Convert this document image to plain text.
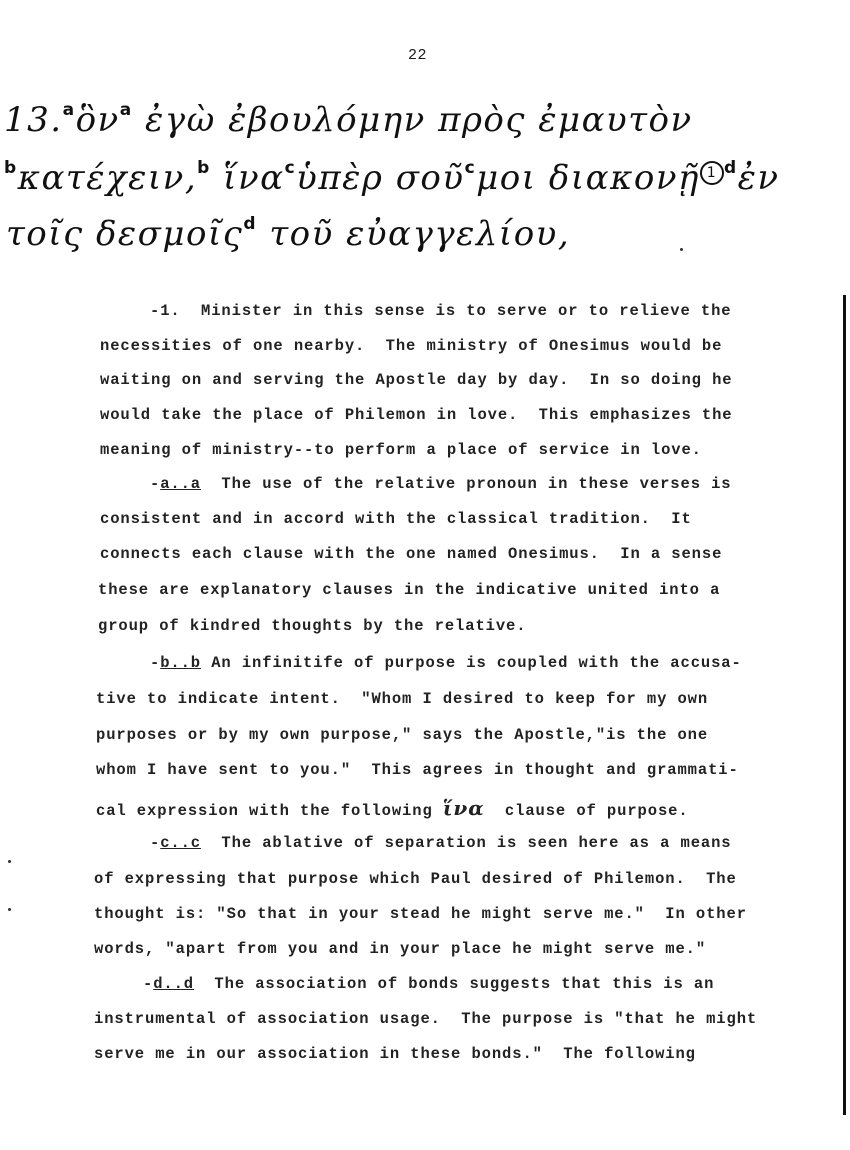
22
13.$^a$ὃν$^a$ ἐγὼ ἐβουλόμην πρὸς ἐμαυτὸν
$^b$κατέχειν,$^b$ ἵνα$^c$ὑπὲρ σοῦ$^c$μοι διακονῇ 1 $^d$ἐν
τοῖς δεσμοῖς$^d$ τοῦ εὐαγγελίου,
-1.  Minister in this sense is to serve or to relieve the
necessities of one nearby.  The ministry of Onesimus would be
waiting on and serving the Apostle day by day.  In so doing he
would take the place of Philemon in love.  This emphasizes the
meaning of ministry--to perform a place of service in love.
-a..a  The use of the relative pronoun in these verses is
consistent and in accord with the classical tradition.  It
connects each clause with the one named Onesimus.  In a sense
these are explanatory clauses in the indicative united into a
group of kindred thoughts by the relative.
-b..b An infinitife of purpose is coupled with the accusa-
tive to indicate intent.  "Whom I desired to keep for my own
purposes or by my own purpose," says the Apostle,"is the one
whom I have sent to you."  This agrees in thought and grammati-
cal expression with the following ἵνα  clause of purpose.
-c..c  The ablative of separation is seen here as a means
of expressing that purpose which Paul desired of Philemon.  The
thought is: "So that in your stead he might serve me."  In other
words, "apart from you and in your place he might serve me."
-d..d  The association of bonds suggests that this is an
instrumental of association usage.  The purpose is "that he might
serve me in our association in these bonds."  The following
